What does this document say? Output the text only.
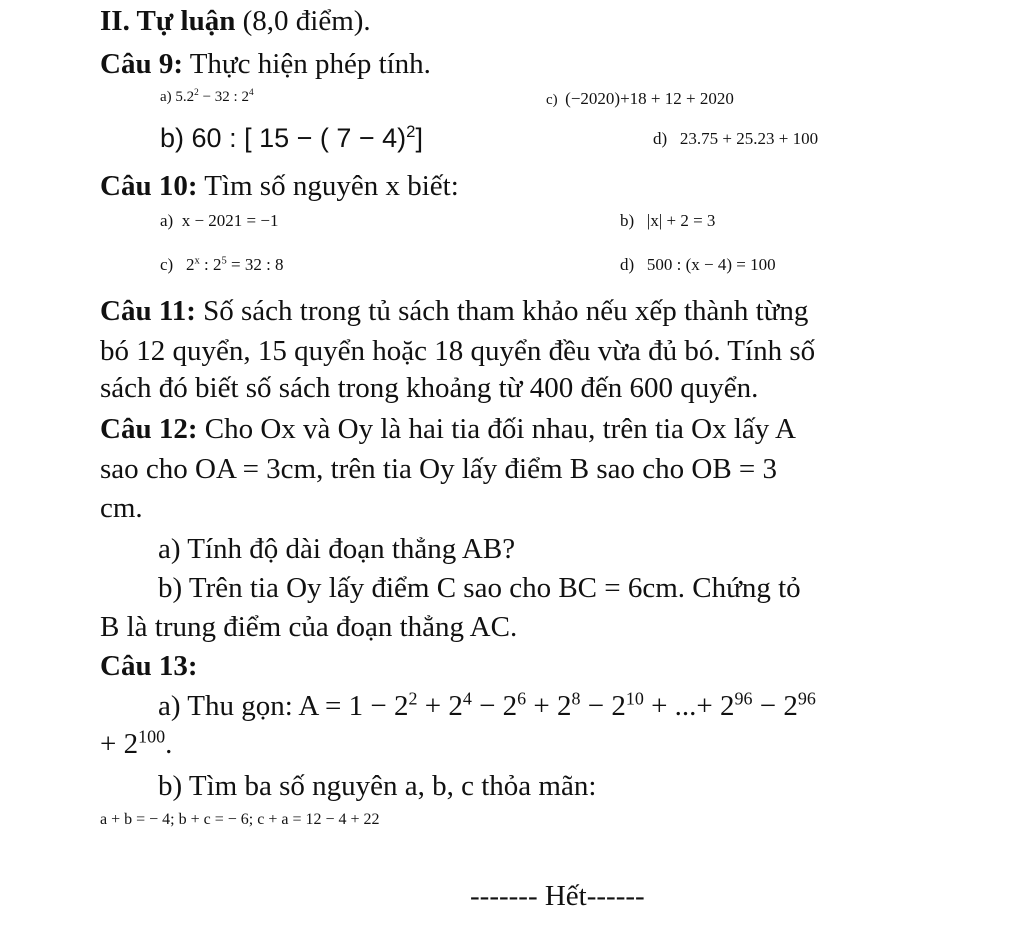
II. Tự luận (8,0 điểm).
Câu 9: Thực hiện phép tính.
a) $5.2^2 - 32$ : $2^4$	c) (−2020)+18 + 12 + 2020
b) 60 : [ 15 − ( 7 − 4)$^2$]	d) 23.75 + 25.23 + 100
Câu 10: Tìm số nguyên x biết:
a) x − 2021 = −1	b) |x| + 2 = 3
c) 2$^x$ : $2^5 = 32$ : 8	d) 500 : (x − 4) = 100
Câu 11: Số sách trong tủ sách tham khảo nếu xếp thành từng
bó 12 quyển, 15 quyển hoặc 18 quyển đều vừa đủ bó. Tính số
sách đó biết số sách trong khoảng từ 400 đến 600 quyển.
Câu 12: Cho Ox và Oy là hai tia đối nhau, trên tia Ox lấy A
sao cho OA = 3cm, trên tia Oy lấy điểm B sao cho OB = 3
cm.
a) Tính độ dài đoạn thẳng AB?
b) Trên tia Oy lấy điểm C sao cho BC = 6cm. Chứng tỏ
B là trung điểm của đoạn thẳng AC.
Câu 13:
a) Thu gọn: $A = 1 - 2^2 + 2^4 - 2^6 + 2^8 - 2^{10}$ + ...+ $2^{96} - 2^{96}$
+ $2^{100}$.
b) Tìm ba số nguyên a, b, c thỏa mãn:
a + b = − 4; b + c = − 6; c + a = 12 − 4 + 22
------- Hết------
